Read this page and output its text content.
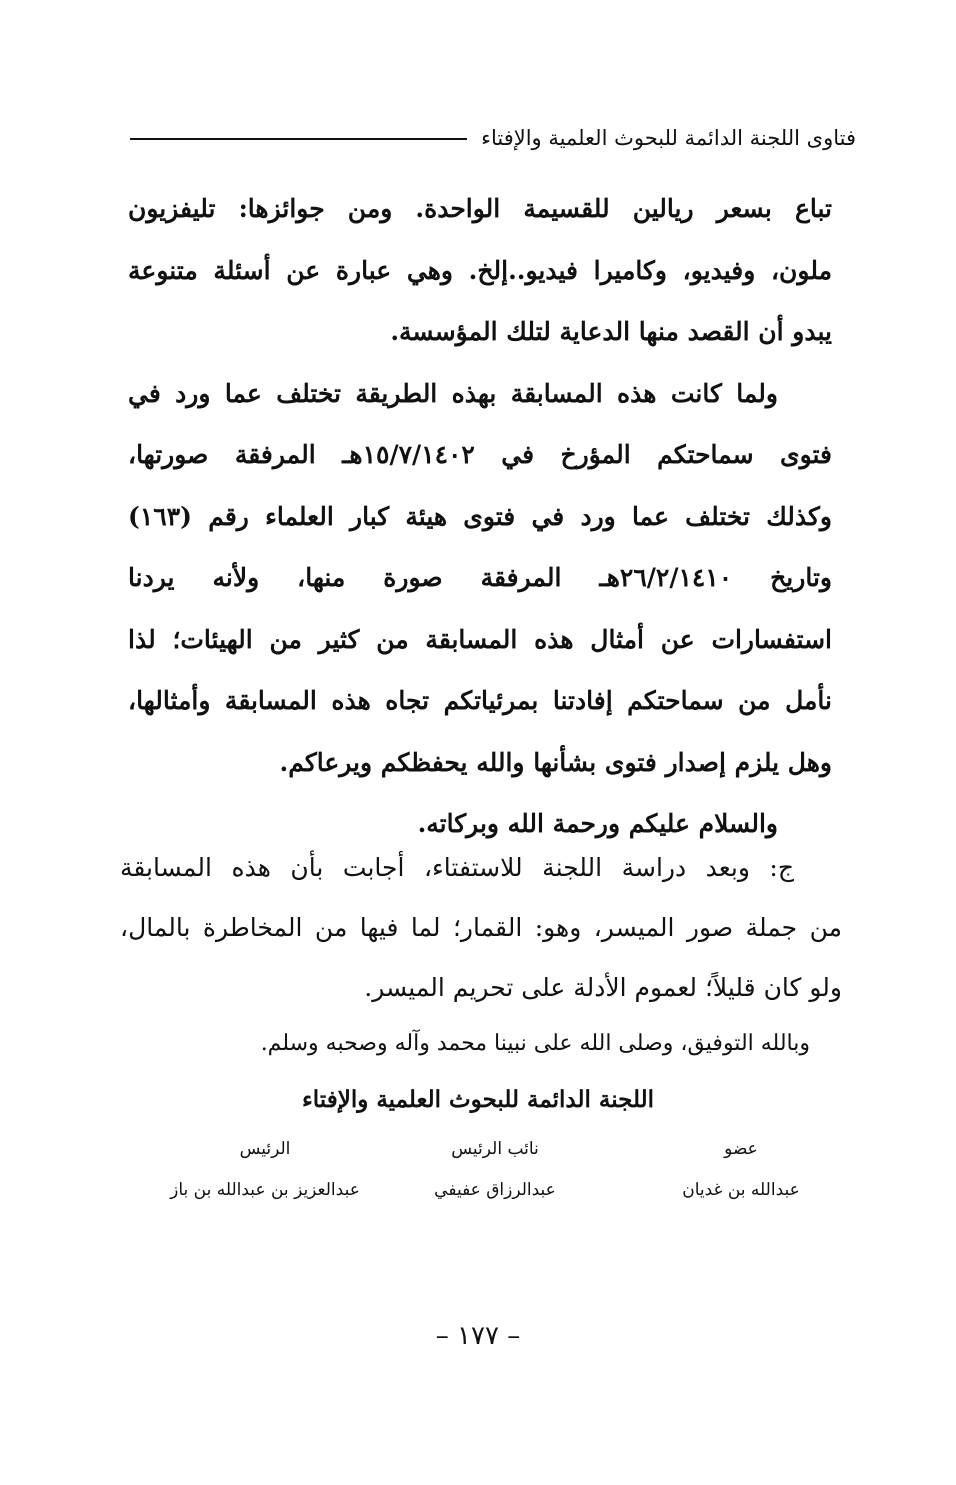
فتاوى اللجنة الدائمة للبحوث العلمية والإفتاء
تباع بسعر ريالين للقسيمة الواحدة. ومن جوائزها: تليفزيون
ملون، وفيديو، وكاميرا فيديو..إلخ. وهي عبارة عن أسئلة متنوعة
يبدو أن القصد منها الدعاية لتلك المؤسسة.
ولما كانت هذه المسابقة بهذه الطريقة تختلف عما ورد في
فتوى سماحتكم المؤرخ في ١٥/٧/١٤٠٢هـ المرفقة صورتها،
وكذلك تختلف عما ورد في فتوى هيئة كبار العلماء رقم (١٦٣)
وتاريخ ٢٦/٢/١٤١٠هـ المرفقة صورة منها، ولأنه يردنا
استفسارات عن أمثال هذه المسابقة من كثير من الهيئات؛ لذا
نأمل من سماحتكم إفادتنا بمرئياتكم تجاه هذه المسابقة وأمثالها،
وهل يلزم إصدار فتوى بشأنها والله يحفظكم ويرعاكم.
والسلام عليكم ورحمة الله وبركاته.
ج: وبعد دراسة اللجنة للاستفتاء، أجابت بأن هذه المسابقة
من جملة صور الميسر، وهو: القمار؛ لما فيها من المخاطرة بالمال،
ولو كان قليلاً؛ لعموم الأدلة على تحريم الميسر.
وبالله التوفيق، وصلى الله على نبينا محمد وآله وصحبه وسلم.
اللجنة الدائمة للبحوث العلمية والإفتاء
عضو
عبدالله بن غديان
نائب الرئيس
عبدالرزاق عفيفي
الرئيس
عبدالعزيز بن عبدالله بن باز
– ١٧٧ –
